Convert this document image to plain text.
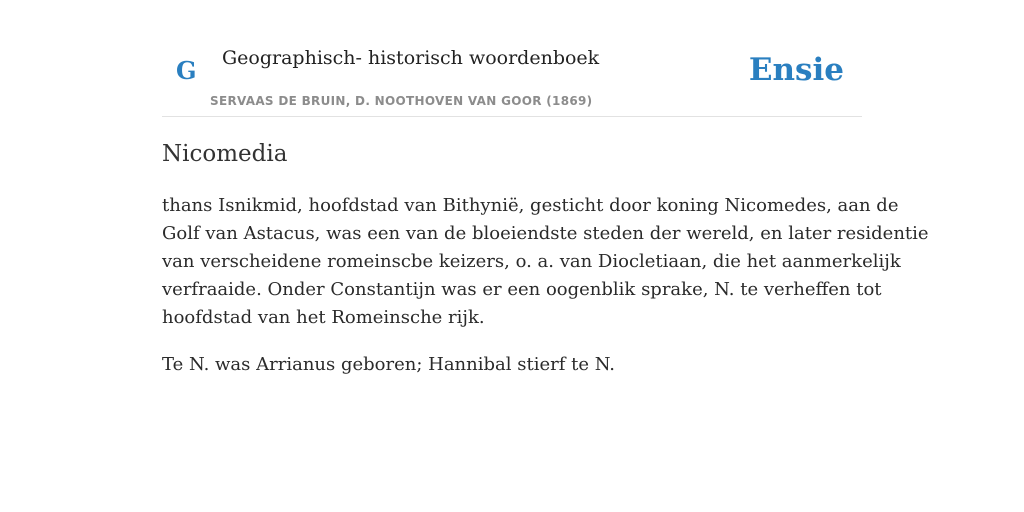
G Geographisch- historisch woordenboek
SERVAAS DE BRUIN, D. NOOTHOVEN VAN GOOR (1869)
Ensie
Nicomedia

thans Isnikmid, hoofdstad van Bithynië, gesticht door koning Nicomedes, aan de
Golf van Astacus, was een van de bloeiendste steden der wereld, en later residentie
van verscheidene romeinscbe keizers, o. a. van Diocletiaan, die het aanmerkelijk
verfraaide. Onder Constantijn was er een oogenblik sprake, N. te verheffen tot
hoofdstad van het Romeinsche rijk.

Te N. was Arrianus geboren; Hannibal stierf te N.
